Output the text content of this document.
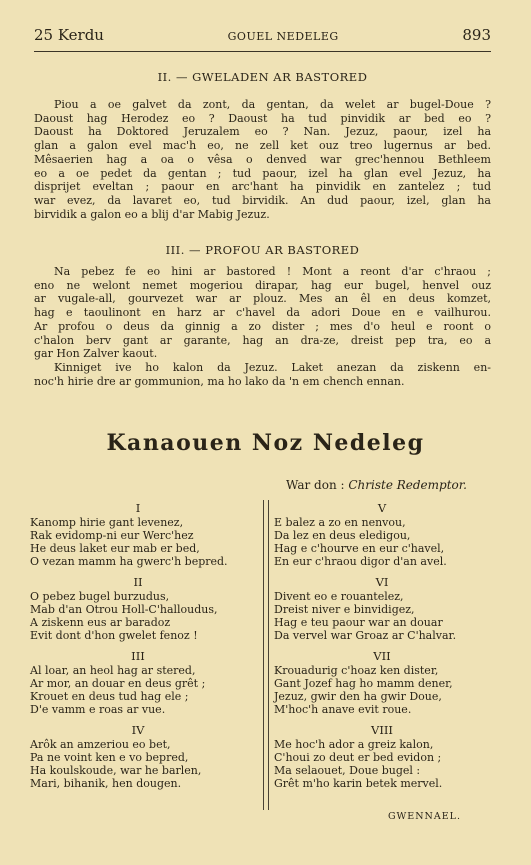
25 Kerdu	GOUEL NEDELEG	893

II. — GWELADEN AR BASTORED

Piou a oe galvet da zont, da gentan, da welet ar bugel-Doue ?
Daoust hag Herodez eo ? Daoust ha tud pinvidik ar bed eo ?
Daoust ha Doktored Jeruzalem eo ? Nan. Jezuz, paour, izel ha
glan a galon evel mac'h eo, ne zell ket ouz treo lugernus ar bed.
Mêsaerien hag a oa o vêsa o denved war grec'hennou Bethleem
eo a oe pedet da gentan ; tud paour, izel ha glan evel Jezuz, ha
disprijet eveltan ; paour en arc'hant ha pinvidik en zantelez ; tud
war evez, da lavaret eo, tud birvidik. An dud paour, izel, glan ha
birvidik a galon eo a blij d'ar Mabig Jezuz.

III. — PROFOU AR BASTORED

Na pebez fe eo hini ar bastored ! Mont a reont d'ar c'hraou ;
eno ne welont nemet mogeriou dirapar, hag eur bugel, henvel ouz
ar vugale-all, gourvezet war ar plouz. Mes an êl en deus komzet,
hag e taoulinont en harz ar c'havel da adori Doue en e vailhurou.
Ar profou o deus da ginnig a zo dister ; mes d'o heul e roont o
c'halon berv gant ar garante, hag an dra-ze, dreist pep tra, eo a
gar Hon Zalver kaout.
Kinniget ive ho kalon da Jezuz. Laket anezan da ziskenn en-
noc'h hirie dre ar gommunion, ma ho lako da 'n em chench ennan.
Kanaouen Noz Nedeleg

War don : Christe Redemptor.

I

Kanomp hirie gant levenez,

Rak evidomp-ni eur Werc'hez

He deus laket eur mab er bed,

O vezan mamm ha gwerc'h bepred.

II

O pebez bugel burzudus,

Mab d'an Otrou Holl-C'halloudus,

A ziskenn eus ar baradoz

Evit dont d'hon gwelet fenoz !

III

Al loar, an heol hag ar stered,

Ar mor, an douar en deus grêt ;

Krouet en deus tud hag ele ;

D'e vamm e roas ar vue.

IV

Arôk an amzeriou eo bet,

Pa ne voint ken e vo bepred,

Ha koulskoude, war he barlen,

Mari, bihanik, hen dougen.

V

E balez a zo en nenvou,

Da lez en deus eledigou,

Hag e c'hourve en eur c'havel,

En eur c'hraou digor d'an avel.

VI

Divent eo e rouantelez,

Dreist niver e binvidigez,

Hag e teu paour war an douar

Da vervel war Groaz ar C'halvar.

VII

Krouadurig c'hoaz ken dister,

Gant Jozef hag ho mamm dener,

Jezuz, gwir den ha gwir Doue,

M'hoc'h anave evit roue.

VIII

Me hoc'h ador a greiz kalon,

C'houi zo deut er bed evidon ;

Ma selaouet, Doue bugel :

Grêt m'ho karin betek mervel.

GWENNAEL.
